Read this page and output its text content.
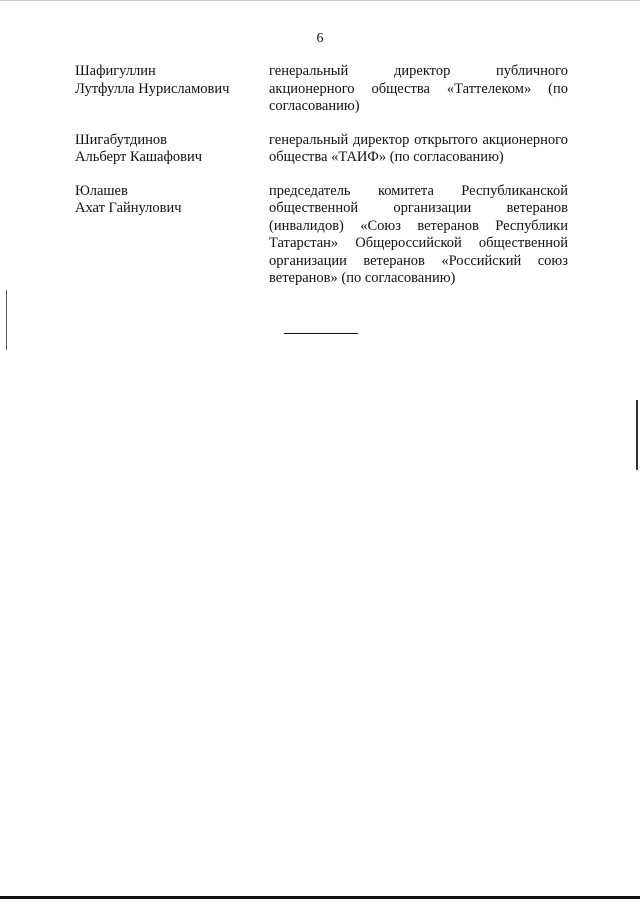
6
Шафигуллин
Лутфулла Нурисламович
генеральный директор публичного акционерного общества «Таттелеком» (по согласованию)
Шигабутдинов
Альберт Кашафович
генеральный директор открытого акционерного общества «ТАИФ» (по согласованию)
Юлашев
Ахат Гайнулович
председатель комитета Республиканской общественной организации ветеранов (инвалидов) «Союз ветеранов Республики Татарстан» Общероссийской общественной организации ветеранов «Российский союз ветеранов» (по согласованию)
